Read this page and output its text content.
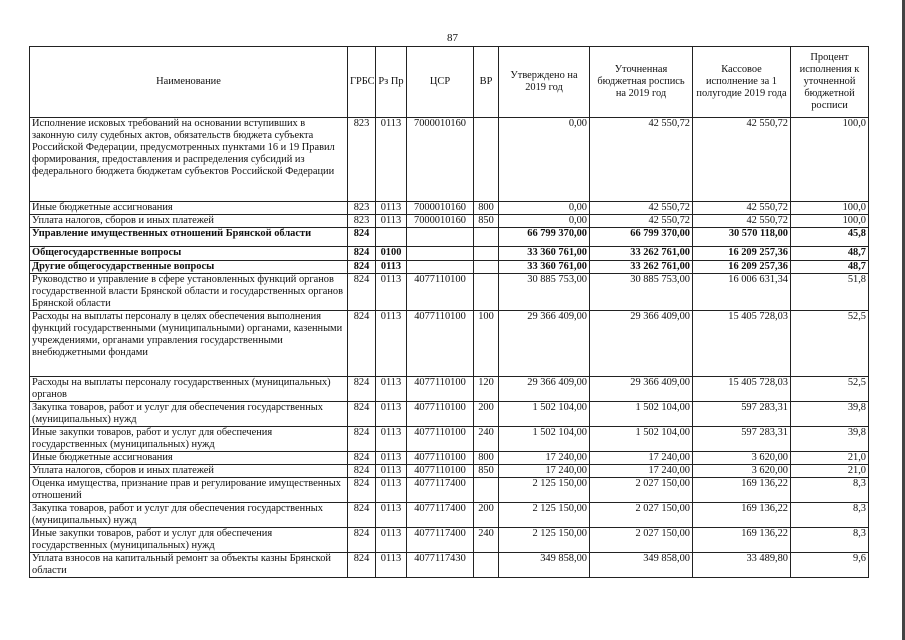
87
Наименование	ГРБС	Рз Пр	ЦСР	ВР	Утверждено на 2019 год	Уточненная бюджетная роспись на 2019 год	Кассовое исполнение за 1 полугодие 2019 года	Процент исполнения к уточненной бюджетной росписи
Исполнение исковых требований на основании вступивших в законную силу судебных актов, обязательств бюджета субъекта Российской Федерации, предусмотренных пунктами 16 и 19 Правил формирования, предоставления и распределения субсидий из федерального бюджета бюджетам субъектов Российской Федерации	823	0113	7000010160		0,00	42 550,72	42 550,72	100,0
Иные бюджетные ассигнования	823	0113	7000010160	800	0,00	42 550,72	42 550,72	100,0
Уплата налогов, сборов и иных платежей	823	0113	7000010160	850	0,00	42 550,72	42 550,72	100,0
Управление имущественных отношений Брянской области	824				66 799 370,00	66 799 370,00	30 570 118,00	45,8
Общегосударственные вопросы	824	0100			33 360 761,00	33 262 761,00	16 209 257,36	48,7
Другие общегосударственные вопросы	824	0113			33 360 761,00	33 262 761,00	16 209 257,36	48,7
Руководство и управление в сфере установленных функций органов государственной власти Брянской области и государственных органов Брянской области	824	0113	4077110100		30 885 753,00	30 885 753,00	16 006 631,34	51,8
Расходы на выплаты персоналу в целях обеспечения выполнения функций государственными (муниципальными) органами, казенными учреждениями, органами управления государственными внебюджетными фондами	824	0113	4077110100	100	29 366 409,00	29 366 409,00	15 405 728,03	52,5
Расходы на выплаты персоналу государственных (муниципальных) органов	824	0113	4077110100	120	29 366 409,00	29 366 409,00	15 405 728,03	52,5
Закупка товаров, работ и услуг для обеспечения государственных (муниципальных) нужд	824	0113	4077110100	200	1 502 104,00	1 502 104,00	597 283,31	39,8
Иные закупки товаров, работ и услуг для обеспечения государственных (муниципальных) нужд	824	0113	4077110100	240	1 502 104,00	1 502 104,00	597 283,31	39,8
Иные бюджетные ассигнования	824	0113	4077110100	800	17 240,00	17 240,00	3 620,00	21,0
Уплата налогов, сборов и иных платежей	824	0113	4077110100	850	17 240,00	17 240,00	3 620,00	21,0
Оценка имущества, признание прав и регулирование имущественных отношений	824	0113	4077117400		2 125 150,00	2 027 150,00	169 136,22	8,3
Закупка товаров, работ и услуг для обеспечения государственных (муниципальных) нужд	824	0113	4077117400	200	2 125 150,00	2 027 150,00	169 136,22	8,3
Иные закупки товаров, работ и услуг для обеспечения государственных (муниципальных) нужд	824	0113	4077117400	240	2 125 150,00	2 027 150,00	169 136,22	8,3
Уплата взносов на капитальный ремонт за объекты казны Брянской области	824	0113	4077117430		349 858,00	349 858,00	33 489,80	9,6
